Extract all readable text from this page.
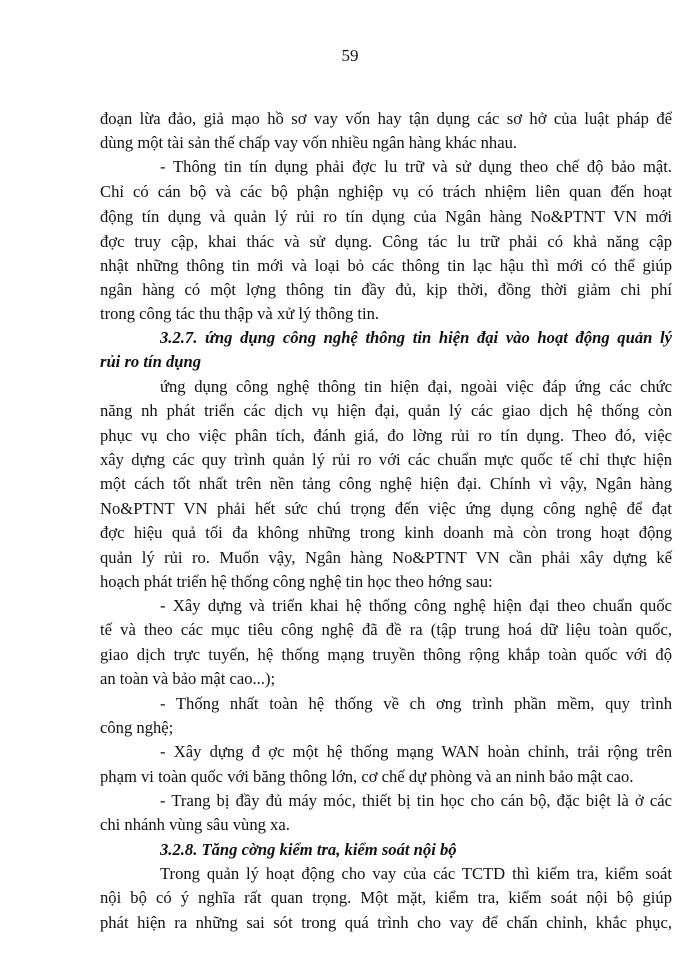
59
đoạn lừa đảo, giả mạo hồ sơ vay vốn hay tận dụng các sơ hở của luật pháp để
dùng một tài sản thế chấp vay vốn nhiều ngân hàng khác nhau.
- Thông tin tín dụng phải đợc lu trữ và sử dụng theo chế độ bảo mật.
Chỉ có cán bộ và các bộ phận nghiệp vụ có trách nhiệm liên quan đến hoạt
động tín dụng và quản lý rủi ro tín dụng của Ngân hàng No&PTNT VN mới
đợc truy cập, khai thác và sử dụng. Công tác lu trữ phải có khả năng cập
nhật những thông tin mới và loại bỏ các thông tin lạc hậu thì mới có thể giúp
ngân hàng có một lợng thông tin đầy đủ, kịp thời, đồng thời giảm chi phí
trong công tác thu thập và xử lý thông tin.
3.2.7. ứng dụng công nghệ thông tin hiện đại vào hoạt động quản lý
rủi ro tín dụng
ứng dụng công nghệ thông tin hiện đại, ngoài việc đáp ứng các chức
năng nh phát triển các dịch vụ hiện đại, quản lý các giao dịch hệ thống còn
phục vụ cho việc phân tích, đánh giá, đo lờng rủi ro tín dụng. Theo đó, việc
xây dựng các quy trình quản lý rủi ro với các chuẩn mực quốc tế chỉ thực hiện
một cách tốt nhất trên nền tảng công nghệ hiện đại. Chính vì vậy, Ngân hàng
No&PTNT VN phải hết sức chú trọng đến việc ứng dụng công nghệ để đạt
đợc hiệu quả tối đa không những trong kinh doanh mà còn trong hoạt động
quản lý rủi ro. Muốn vậy, Ngân hàng No&PTNT VN cần phải xây dựng kế
hoạch phát triển hệ thống công nghệ tin học theo hớng sau:
- Xây dựng và triển khai hệ thống công nghệ hiện đại theo chuẩn quốc
tế và theo các mục tiêu công nghệ đã đề ra (tập trung hoá dữ liệu toàn quốc,
giao dịch trực tuyến, hệ thống mạng truyền thông rộng khắp toàn quốc với độ
an toàn và bảo mật cao...);
- Thống nhất toàn hệ thống về ch ơng trình phần mềm, quy trình
công nghệ;
- Xây dựng đ ợc một hệ thống mạng WAN hoàn chỉnh, trải rộng trên
phạm vi toàn quốc với băng thông lớn, cơ chế dự phòng và an ninh bảo mật cao.
- Trang bị đầy đủ máy móc, thiết bị tin học cho cán bộ, đặc biệt là ở các
chi nhánh vùng sâu vùng xa.
3.2.8. Tăng cờng kiểm tra, kiểm soát nội bộ
Trong quản lý hoạt động cho vay của các TCTD thì kiểm tra, kiểm soát
nội bộ có ý nghĩa rất quan trọng. Một mặt, kiểm tra, kiểm soát nội bộ giúp
phát hiện ra những sai sót trong quá trình cho vay để chấn chỉnh, khắc phục,
